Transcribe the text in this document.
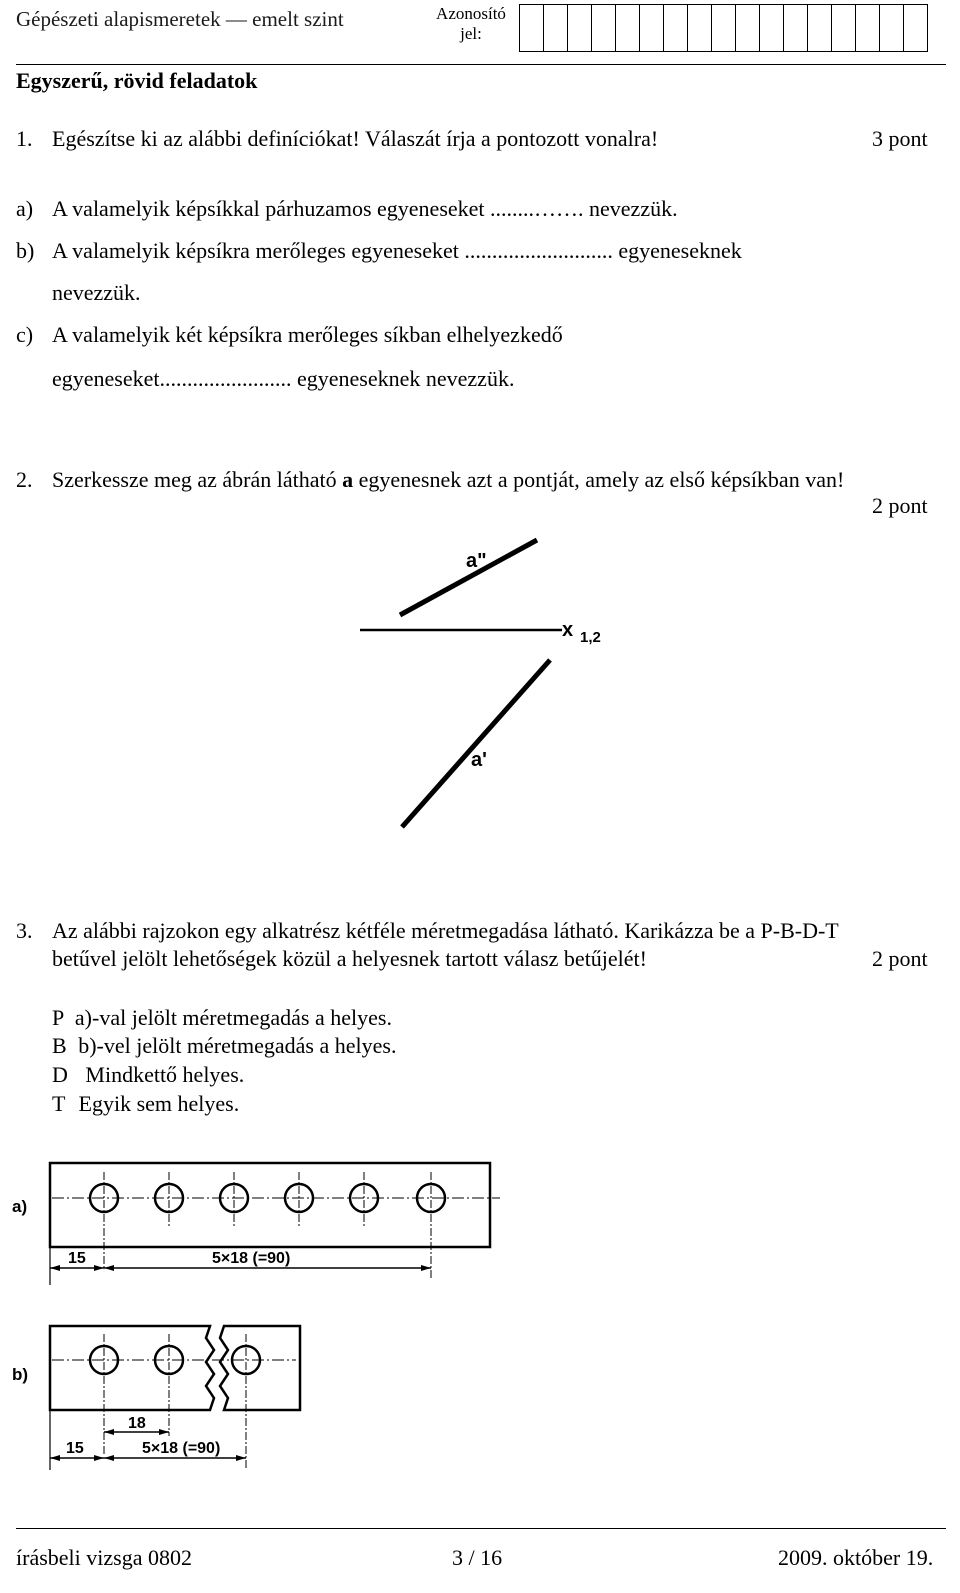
Gépészeti alapismeretek — emelt szint	Azonosító jel:
Egyszerű, rövid feladatok
1. Egészítse ki az alábbi definíciókat! Válaszát írja a pontozott vonalra!	3 pont
a) A valamelyik képsíkkal párhuzamos egyeneseket ........……. nevezzük.
b) A valamelyik képsíkra merőleges egyeneseket ........................... egyeneseknek
nevezzük.
c) A valamelyik két képsíkra merőleges síkban elhelyezkedő
egyeneseket........................ egyeneseknek nevezzük.
2. Szerkessze meg az ábrán látható a egyenesnek azt a pontját, amely az első képsíkban van!
2 pont
a"
x 1,2
a'
3. Az alábbi rajzokon egy alkatrész kétféle méretmegadása látható. Karikázza be a P-B-D-T
betűvel jelölt lehetőségek közül a helyesnek tartott válasz betűjelét!	2 pont
P a)-val jelölt méretmegadás a helyes.
B b)-vel jelölt méretmegadás a helyes.
D Mindkettő helyes.
T Egyik sem helyes.
a)
15	5×18 (=90)
b)
18
15	5×18 (=90)
írásbeli vizsga 0802	3 / 16	2009. október 19.
